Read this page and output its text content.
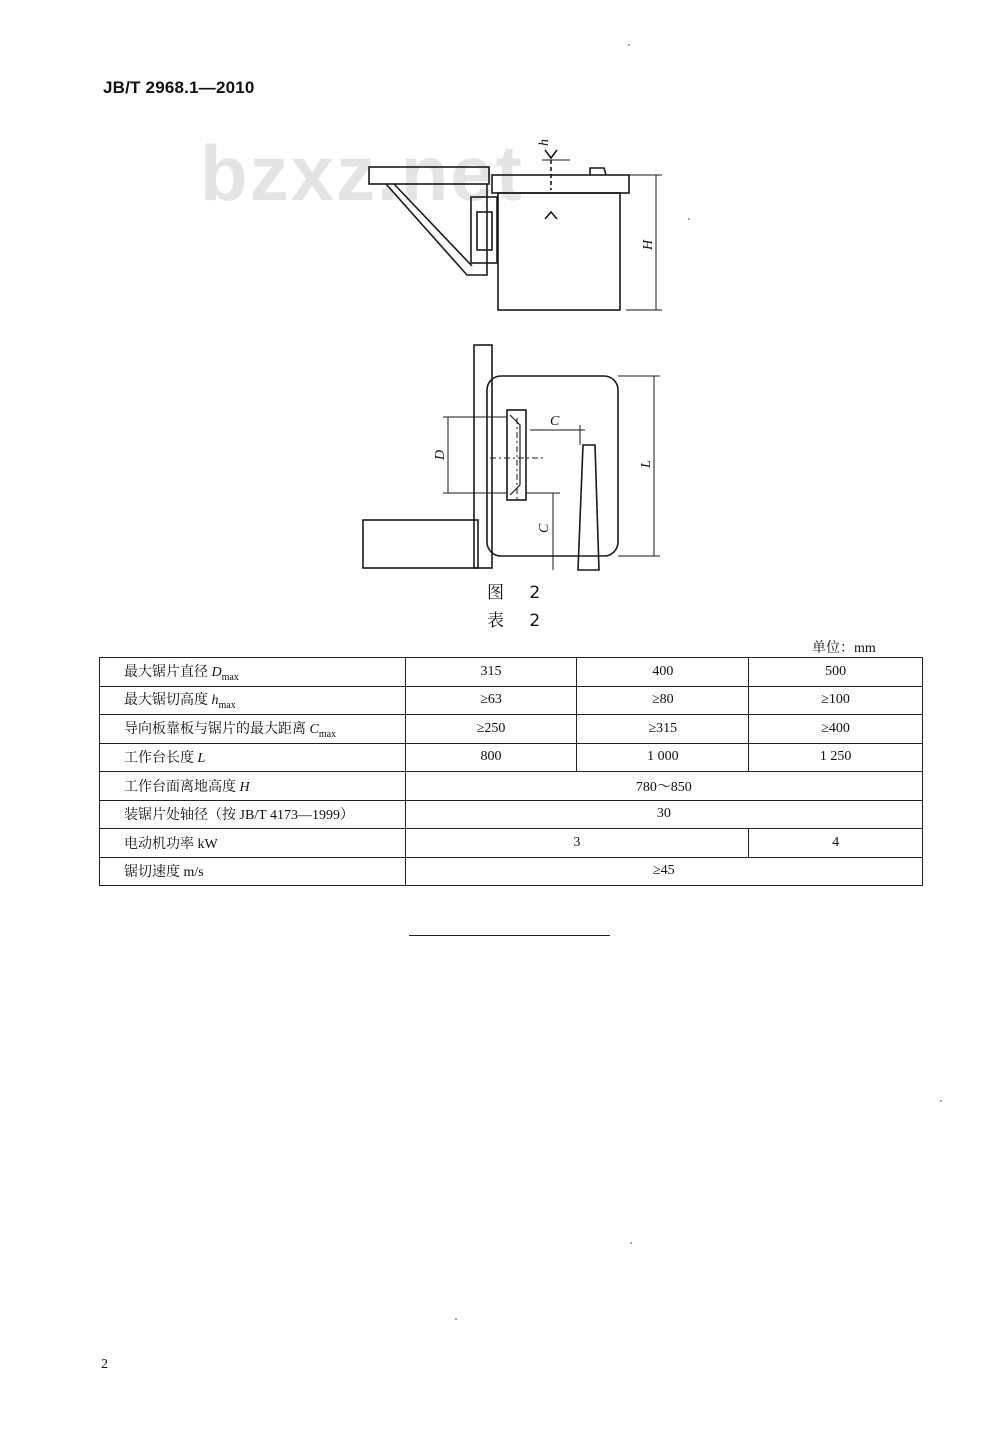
JB/T 2968.1—2010
bzxz.net h
H
D
C
C
L
图 2
表 2
单位：mm
最大锯片直径 $D_{max}$	315	400	500
最大锯切高度 $h_{max}$	≥63	≥80	≥100
导向板靠板与锯片的最大距离 $C_{max}$	≥250	≥315	≥400
工作台长度 L	800	1 000	1 250
工作台面离地高度 H	780～850		
装锯片处轴径（按 JB/T 4173—1999）	30		
电动机功率 kW	3		4
锯切速度 m/s	≥45		
2
